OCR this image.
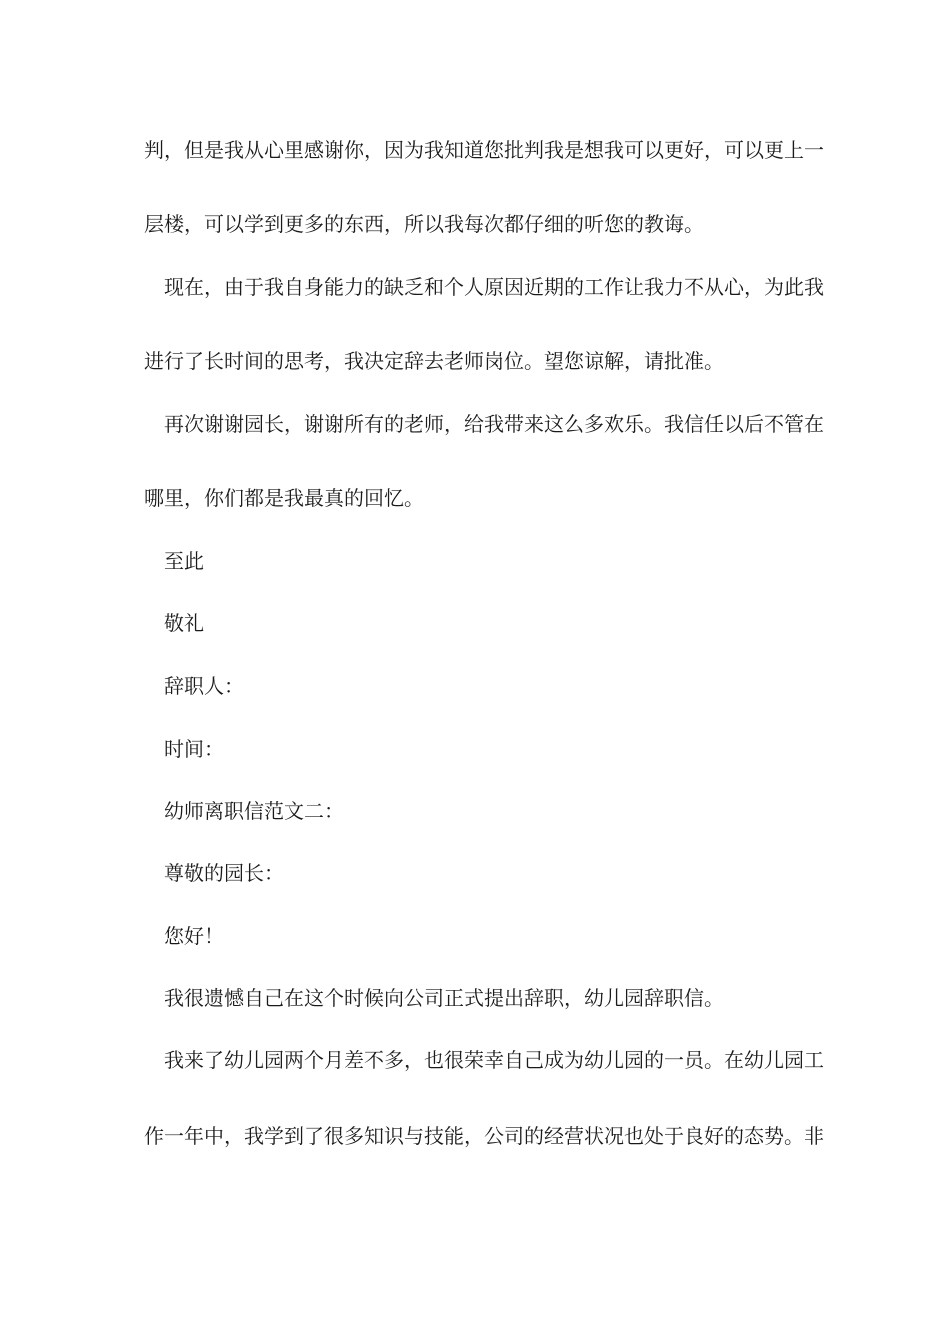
判，但是我从心里感谢你，因为我知道您批判我是想我可以更好，可以更上一

层楼，可以学到更多的东西，所以我每次都仔细的听您的教诲。

现在，由于我自身能力的缺乏和个人原因近期的工作让我力不从心，为此我

进行了长时间的思考，我决定辞去老师岗位。望您谅解，请批准。

再次谢谢园长，谢谢所有的老师，给我带来这么多欢乐。我信任以后不管在

哪里，你们都是我最真的回忆。

至此

敬礼

辞职人：

时间：

幼师离职信范文二：

尊敬的园长：

您好！

我很遗憾自己在这个时候向公司正式提出辞职，幼儿园辞职信。

我来了幼儿园两个月差不多，也很荣幸自己成为幼儿园的一员。在幼儿园工

作一年中，我学到了很多知识与技能，公司的经营状况也处于良好的态势。非
